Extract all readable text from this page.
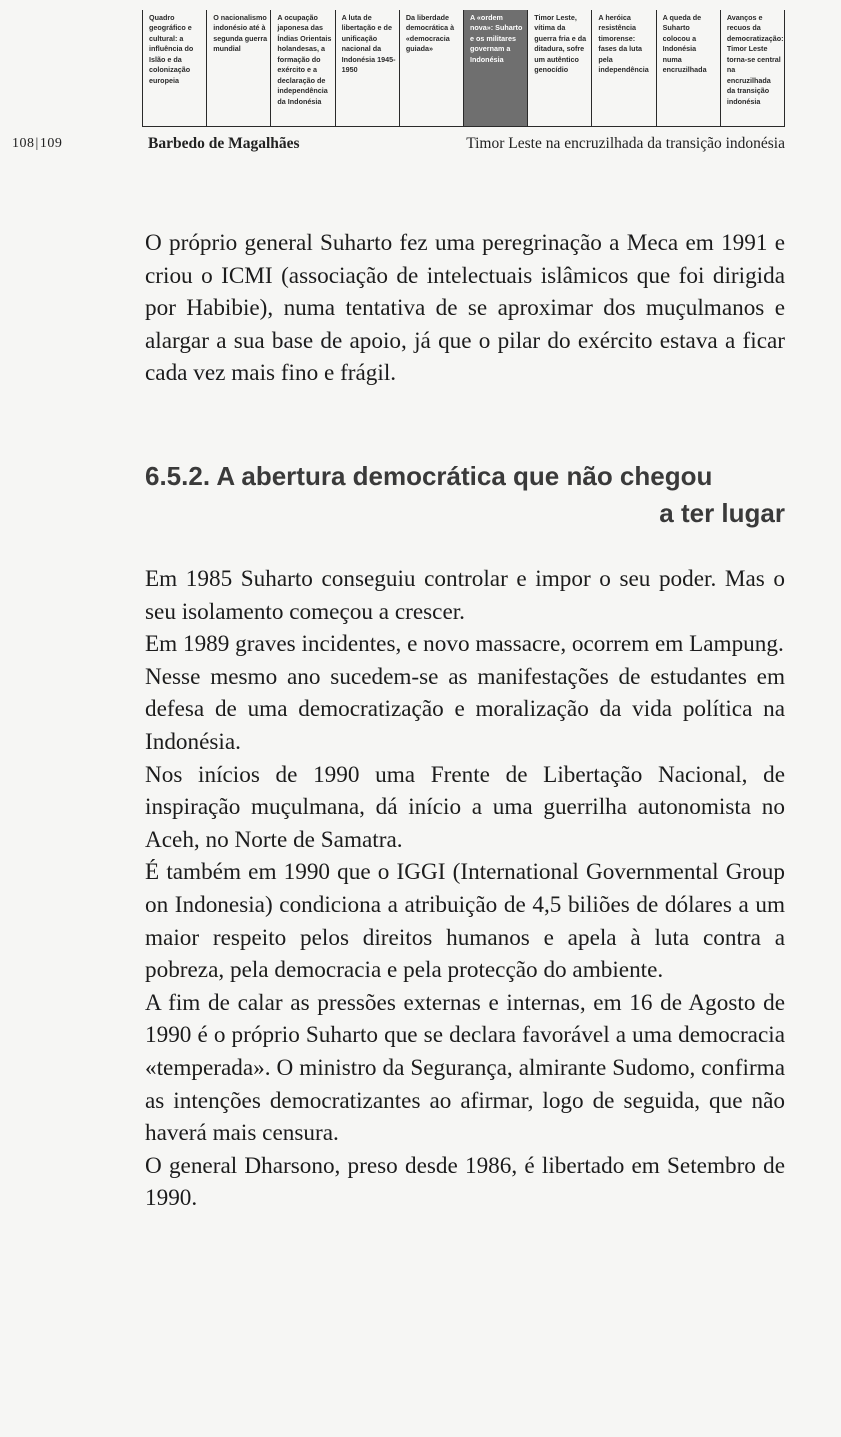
Quadro geográfico e cultural: a influência do Islão e da colonização europeia
O nacionalismo indonésio até à segunda guerra mundial
A ocupação japonesa das Índias Orientais holandesas, a formação do exército e a declaração de independência da Indonésia
A luta de libertação e de unificação nacional da Indonésia 1945-1950
Da liberdade democrática à «democracia guiada»
A «ordem nova»: Suharto e os militares governam a Indonésia
Timor Leste, vítima da guerra fria e da ditadura, sofre um autêntico genocídio
A heróica resistência timorense: fases da luta pela independência
A queda de Suharto colocou a Indonésia numa encruzilhada
Avanços e recuos da democratização: Timor Leste torna-se central na encruzilhada da transição indonésia
108|109	Barbedo de Magalhães	Timor Leste na encruzilhada da transição indonésia

O próprio general Suharto fez uma peregrinação a Meca em 1991 e criou o ICMI (associação de intelectuais islâmicos que foi dirigida por Habibie), numa tentativa de se aproximar dos muçulmanos e alargar a sua base de apoio, já que o pilar do exército estava a ficar cada vez mais fino e frágil.

6.5.2. A abertura democrática que não chegou
a ter lugar

Em 1985 Suharto conseguiu controlar e impor o seu poder. Mas o seu isolamento começou a crescer.

Em 1989 graves incidentes, e novo massacre, ocorrem em Lampung.

Nesse mesmo ano sucedem-se as manifestações de estudantes em defesa de uma democratização e moralização da vida política na Indonésia.

Nos inícios de 1990 uma Frente de Libertação Nacional, de inspiração muçulmana, dá início a uma guerrilha autonomista no Aceh, no Norte de Samatra.

É também em 1990 que o IGGI (International Governmental Group on Indonesia) condiciona a atribuição de 4,5 biliões de dólares a um maior respeito pelos direitos humanos e apela à luta contra a pobreza, pela democracia e pela protecção do ambiente.

A fim de calar as pressões externas e internas, em 16 de Agosto de 1990 é o próprio Suharto que se declara favorável a uma democracia «temperada». O ministro da Segurança, almirante Sudomo, confirma as intenções democratizantes ao afirmar, logo de seguida, que não haverá mais censura.

O general Dharsono, preso desde 1986, é libertado em Setembro de 1990.
